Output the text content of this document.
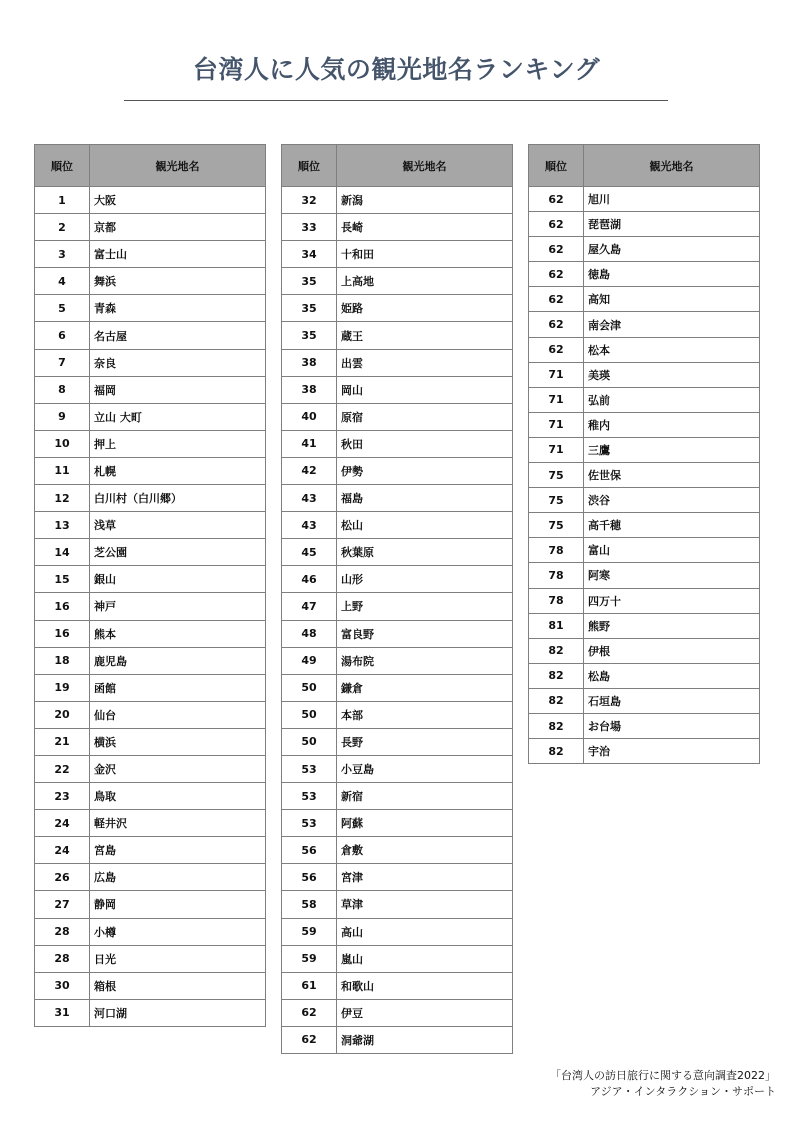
台湾人に人気の観光地名ランキング
順位	観光地名
1	大阪
2	京都
3	富士山
4	舞浜
5	青森
6	名古屋
7	奈良
8	福岡
9	立山 大町
10	押上
11	札幌
12	白川村（白川郷）
13	浅草
14	芝公園
15	銀山
16	神戸
16	熊本
18	鹿児島
19	函館
20	仙台
21	横浜
22	金沢
23	鳥取
24	軽井沢
24	宮島
26	広島
27	静岡
28	小樽
28	日光
30	箱根
31	河口湖
順位	観光地名
32	新潟
33	長崎
34	十和田
35	上高地
35	姫路
35	蔵王
38	出雲
38	岡山
40	原宿
41	秋田
42	伊勢
43	福島
43	松山
45	秋葉原
46	山形
47	上野
48	富良野
49	湯布院
50	鎌倉
50	本部
50	長野
53	小豆島
53	新宿
53	阿蘇
56	倉敷
56	宮津
58	草津
59	高山
59	嵐山
61	和歌山
62	伊豆
62	洞爺湖
順位	観光地名
62	旭川
62	琵琶湖
62	屋久島
62	徳島
62	高知
62	南会津
62	松本
71	美瑛
71	弘前
71	稚内
71	三鷹
75	佐世保
75	渋谷
75	高千穂
78	富山
78	阿寒
78	四万十
81	熊野
82	伊根
82	松島
82	石垣島
82	お台場
82	宇治
「台湾人の訪日旅行に関する意向調査2022」
アジア・インタラクション・サポート
